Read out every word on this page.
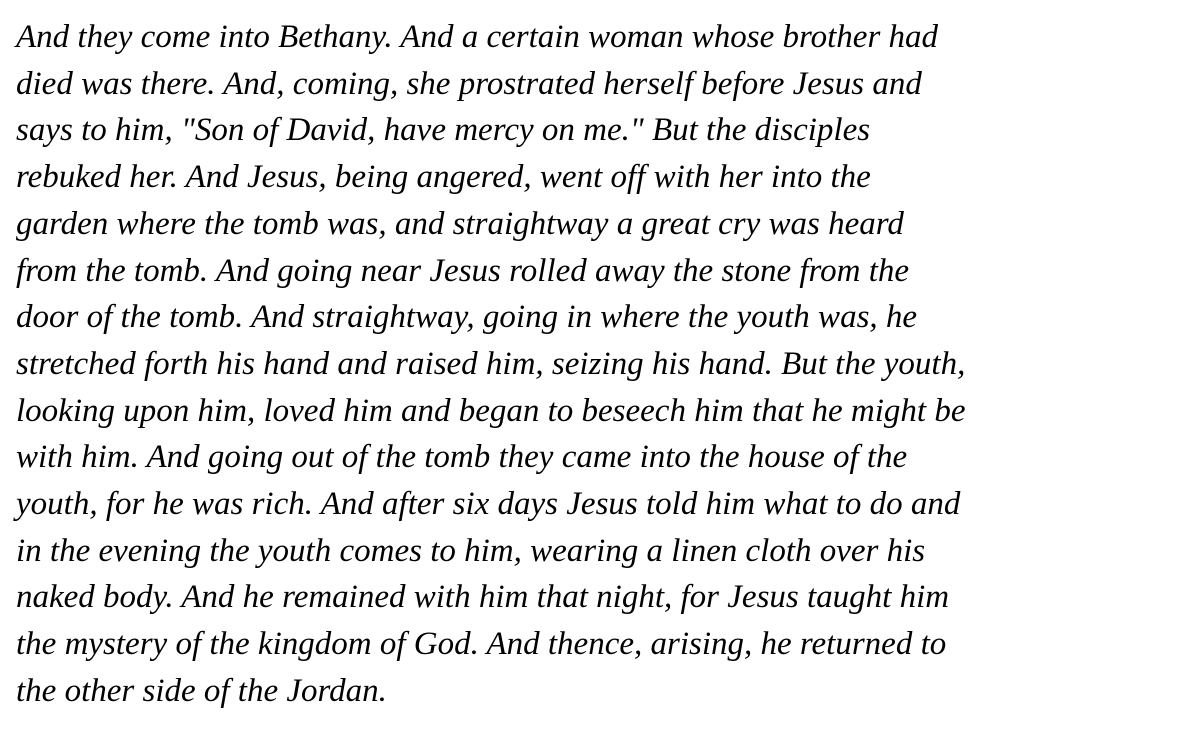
And they come into Bethany. And a certain woman whose brother had
died was there. And, coming, she prostrated herself before Jesus and
says to him, "Son of David, have mercy on me." But the disciples
rebuked her. And Jesus, being angered, went off with her into the
garden where the tomb was, and straightway a great cry was heard
from the tomb. And going near Jesus rolled away the stone from the
door of the tomb. And straightway, going in where the youth was, he
stretched forth his hand and raised him, seizing his hand. But the youth,
looking upon him, loved him and began to beseech him that he might be
with him. And going out of the tomb they came into the house of the
youth, for he was rich. And after six days Jesus told him what to do and
in the evening the youth comes to him, wearing a linen cloth over his
naked body. And he remained with him that night, for Jesus taught him
the mystery of the kingdom of God. And thence, arising, he returned to
the other side of the Jordan.
